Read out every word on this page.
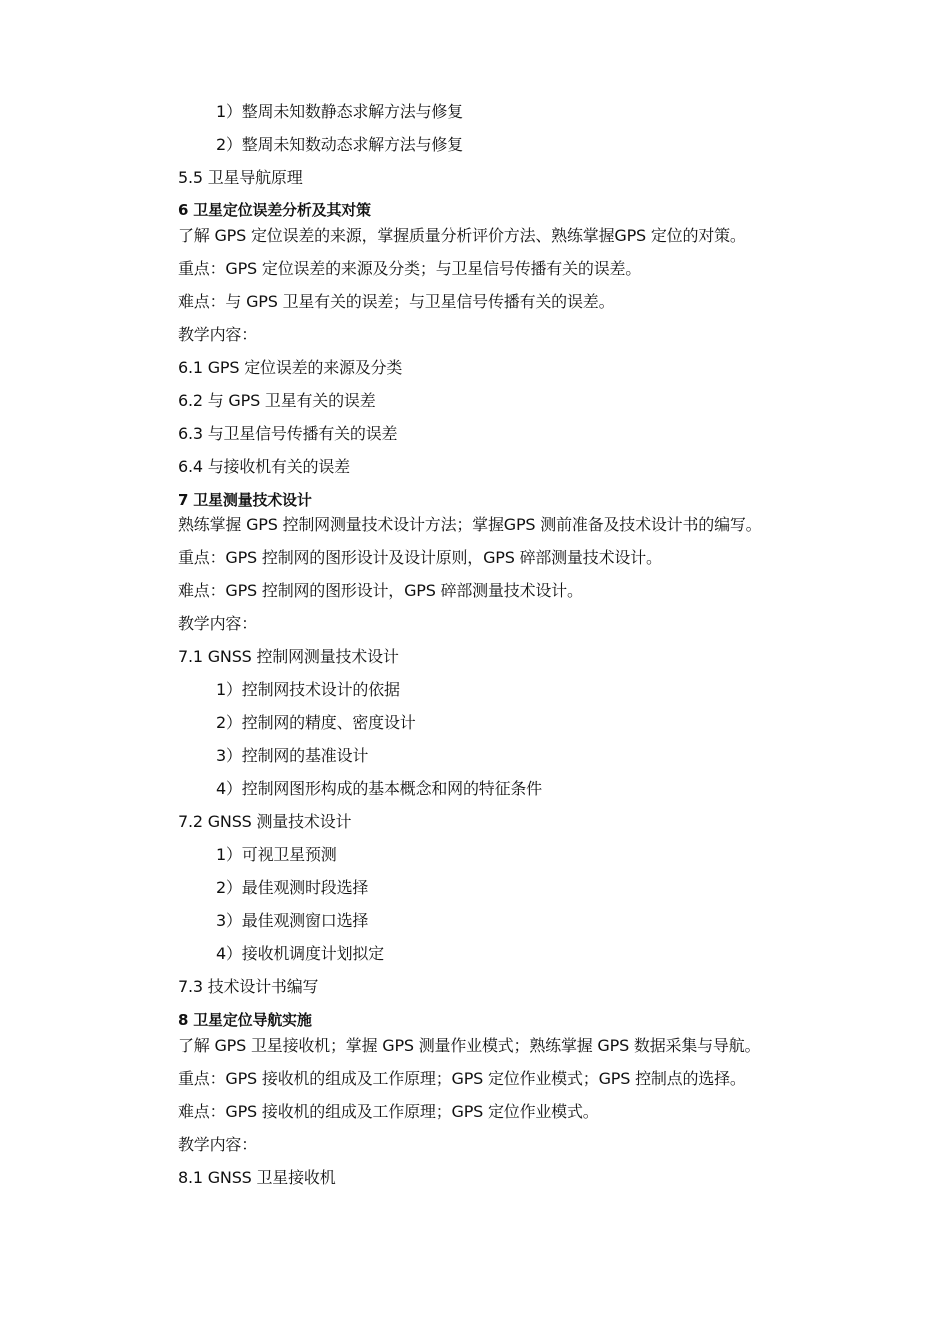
1）整周未知数静态求解方法与修复
2）整周未知数动态求解方法与修复
5.5 卫星导航原理
6 卫星定位误差分析及其对策
了解 GPS 定位误差的来源，掌握质量分析评价方法、熟练掌握GPS 定位的对策。
重点：GPS 定位误差的来源及分类；与卫星信号传播有关的误差。
难点：与 GPS 卫星有关的误差；与卫星信号传播有关的误差。
教学内容：
6.1 GPS 定位误差的来源及分类
6.2 与 GPS 卫星有关的误差
6.3 与卫星信号传播有关的误差
6.4 与接收机有关的误差
7 卫星测量技术设计
熟练掌握 GPS 控制网测量技术设计方法；掌握GPS 测前准备及技术设计书的编写。
重点：GPS 控制网的图形设计及设计原则，GPS 碎部测量技术设计。
难点：GPS 控制网的图形设计，GPS 碎部测量技术设计。
教学内容：
7.1 GNSS 控制网测量技术设计
1）控制网技术设计的依据
2）控制网的精度、密度设计
3）控制网的基准设计
4）控制网图形构成的基本概念和网的特征条件
7.2 GNSS 测量技术设计
1）可视卫星预测
2）最佳观测时段选择
3）最佳观测窗口选择
4）接收机调度计划拟定
7.3 技术设计书编写
8 卫星定位导航实施
了解 GPS 卫星接收机；掌握 GPS 测量作业模式；熟练掌握 GPS 数据采集与导航。
重点：GPS 接收机的组成及工作原理；GPS 定位作业模式；GPS 控制点的选择。
难点：GPS 接收机的组成及工作原理；GPS 定位作业模式。
教学内容：
8.1 GNSS 卫星接收机
